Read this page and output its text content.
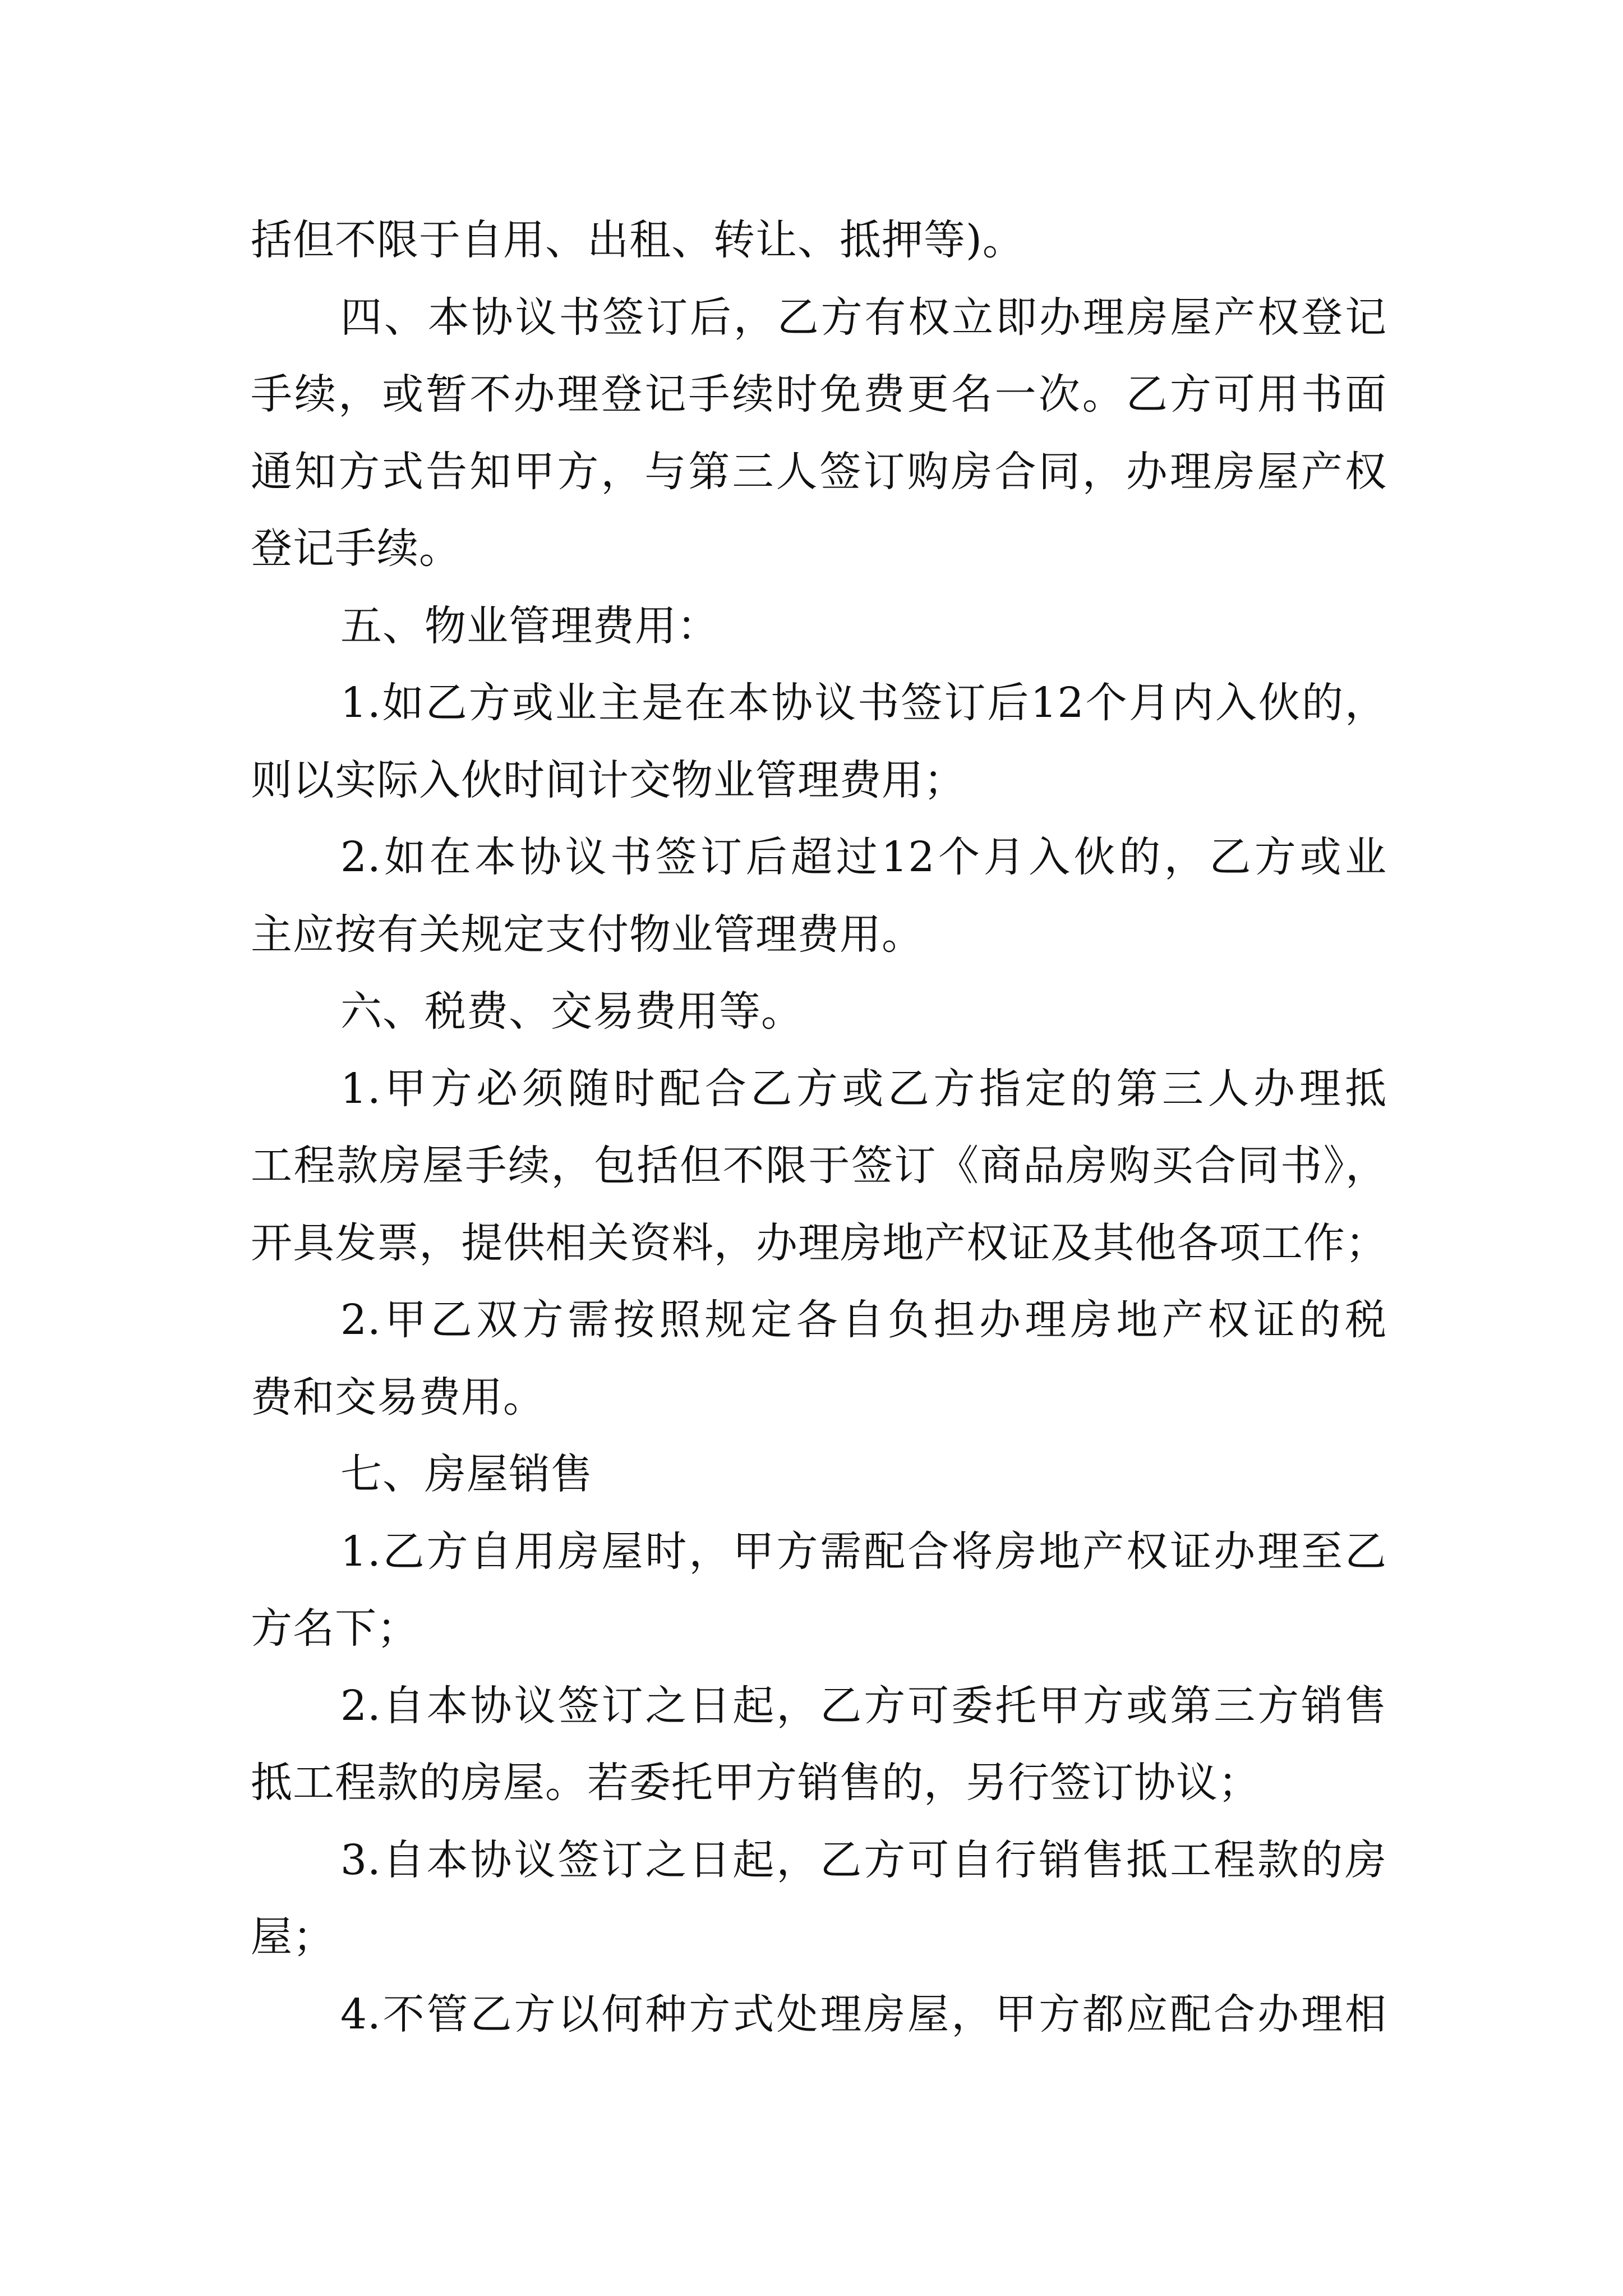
括但不限于自用、出租、转让、抵押等)。
四、本协议书签订后，乙方有权立即办理房屋产权登记
手续，或暂不办理登记手续时免费更名一次。乙方可用书面
通知方式告知甲方，与第三人签订购房合同，办理房屋产权
登记手续。
五、物业管理费用：
1.如乙方或业主是在本协议书签订后12个月内入伙的，
则以实际入伙时间计交物业管理费用；
2.如在本协议书签订后超过12个月入伙的，乙方或业
主应按有关规定支付物业管理费用。
六、税费、交易费用等。
1.甲方必须随时配合乙方或乙方指定的第三人办理抵
工程款房屋手续，包括但不限于签订《商品房购买合同书》，
开具发票，提供相关资料，办理房地产权证及其他各项工作；
2.甲乙双方需按照规定各自负担办理房地产权证的税
费和交易费用。
七、房屋销售
1.乙方自用房屋时，甲方需配合将房地产权证办理至乙
方名下；
2.自本协议签订之日起，乙方可委托甲方或第三方销售
抵工程款的房屋。若委托甲方销售的，另行签订协议；
3.自本协议签订之日起，乙方可自行销售抵工程款的房
屋；
4.不管乙方以何种方式处理房屋，甲方都应配合办理相
